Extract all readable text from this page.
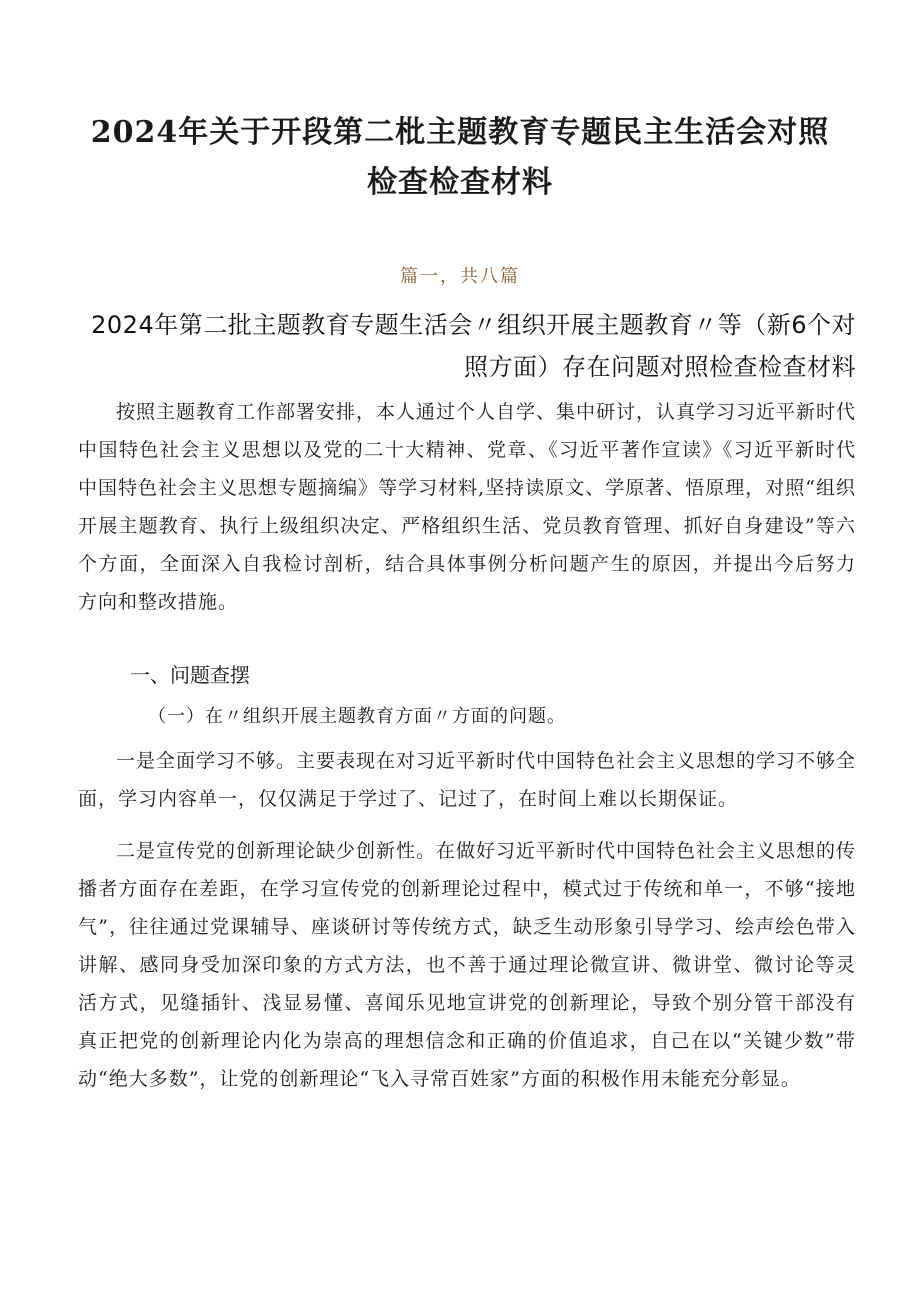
2024年关于开段第二枇主题教育专题民主生活会对照检查检查材料
篇一，共八篇
2024年第二批主题教育专题生活会〃组织开展主题教育〃等（新6个对照方面）存在问题对照检查检查材料

按照主题教育工作部署安排，本人通过个人自学、集中研讨，认真学习习近平新时代中国特色社会主义思想以及党的二十大精神、党章、《习近平著作宣读》《习近平新时代中国特色社会主义思想专题摘编》等学习材料,坚持读原文、学原著、悟原理，对照“组织开展主题教育、执行上级组织决定、严格组织生活、党员教育管理、抓好自身建设”等六个方面，全面深入自我检讨剖析，结合具体事例分析问题产生的原因，并提出今后努力方向和整改措施。

一、问题查摆
（一）在〃组织开展主题教育方面〃方面的问题。

一是全面学习不够。主要表现在对习近平新时代中国特色社会主义思想的学习不够全面，学习内容单一，仅仅满足于学过了、记过了，在时间上难以长期保证。

二是宣传党的创新理论缺少创新性。在做好习近平新时代中国特色社会主义思想的传播者方面存在差距，在学习宣传党的创新理论过程中，模式过于传统和单一，不够“接地气”，往往通过党课辅导、座谈研讨等传统方式，缺乏生动形象引导学习、绘声绘色带入讲解、感同身受加深印象的方式方法，也不善于通过理论微宣讲、微讲堂、微讨论等灵活方式，见缝插针、浅显易懂、喜闻乐见地宣讲党的创新理论，导致个别分管干部没有真正把党的创新理论内化为崇高的理想信念和正确的价值追求，自己在以“关键少数”带动“绝大多数”，让党的创新理论“飞入寻常百姓家”方面的积极作用未能充分彰显。
